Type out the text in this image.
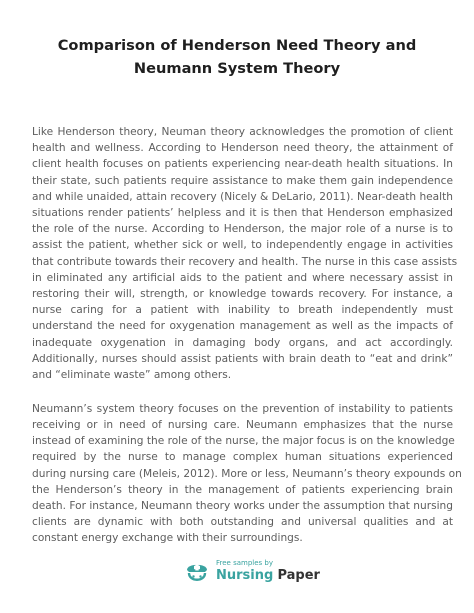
Comparison of Henderson Need Theory and
Neumann System Theory

Like Henderson theory, Neuman theory acknowledges the promotion of client
health and wellness. According to Henderson need theory, the attainment of
client health focuses on patients experiencing near-death health situations. In
their state, such patients require assistance to make them gain independence
and while unaided, attain recovery (Nicely & DeLario, 2011). Near-death health
situations render patients’ helpless and it is then that Henderson emphasized
the role of the nurse. According to Henderson, the major role of a nurse is to
assist the patient, whether sick or well, to independently engage in activities
that contribute towards their recovery and health. The nurse in this case assists
in eliminated any artificial aids to the patient and where necessary assist in
restoring their will, strength, or knowledge towards recovery. For instance, a
nurse caring for a patient with inability to breath independently must
understand the need for oxygenation management as well as the impacts of
inadequate oxygenation in damaging body organs, and act accordingly.
Additionally, nurses should assist patients with brain death to “eat and drink”
and “eliminate waste” among others.

Neumann’s system theory focuses on the prevention of instability to patients
receiving or in need of nursing care. Neumann emphasizes that the nurse
instead of examining the role of the nurse, the major focus is on the knowledge
required by the nurse to manage complex human situations experienced
during nursing care (Meleis, 2012). More or less, Neumann’s theory expounds on
the Henderson’s theory in the management of patients experiencing brain
death. For instance, Neumann theory works under the assumption that nursing
clients are dynamic with both outstanding and universal qualities and at
constant energy exchange with their surroundings.

Free samples by
Nursing Paper
